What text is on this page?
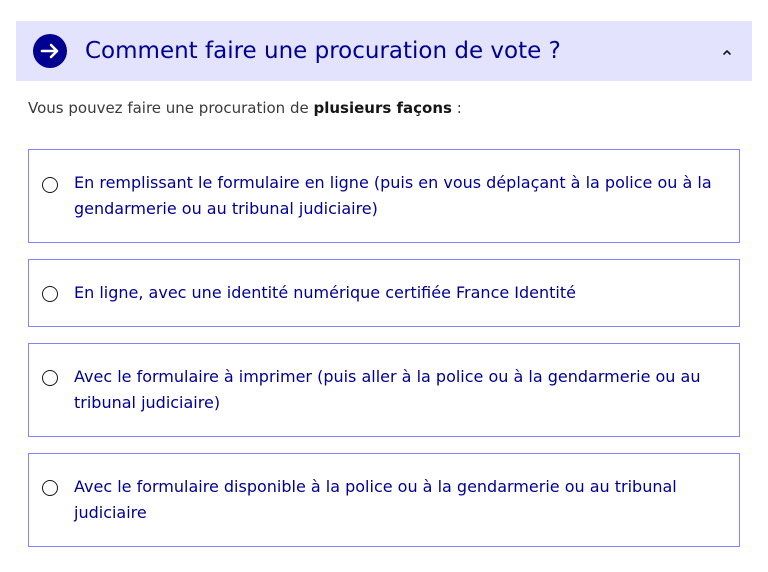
Comment faire une procuration de vote ?

Vous pouvez faire une procuration de plusieurs façons :

En remplissant le formulaire en ligne (puis en vous déplaçant à la police ou à la gendarmerie ou au tribunal judiciaire)
En ligne, avec une identité numérique certifiée France Identité
Avec le formulaire à imprimer (puis aller à la police ou à la gendarmerie ou au tribunal judiciaire)
Avec le formulaire disponible à la police ou à la gendarmerie ou au tribunal judiciaire
